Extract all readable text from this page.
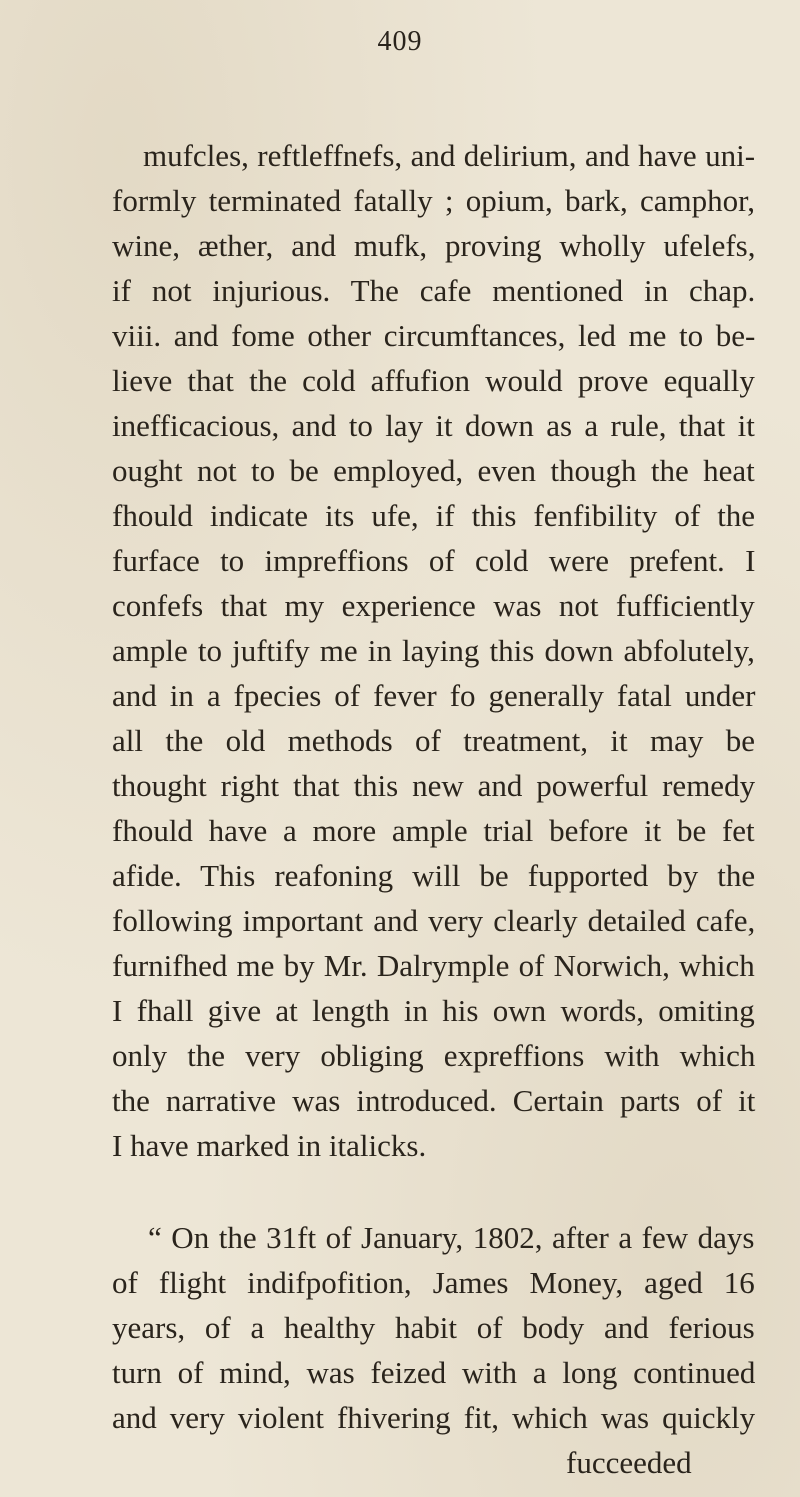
409
mufcles, reftleffnefs, and delirium, and have uni-
formly terminated fatally ; opium, bark, camphor,
wine, æther, and mufk, proving wholly ufelefs,
if not injurious. The cafe mentioned in chap.
viii. and fome other circumftances, led me to be-
lieve that the cold affufion would prove equally
inefficacious, and to lay it down as a rule, that it
ought not to be employed, even though the heat
fhould indicate its ufe, if this fenfibility of the
furface to impreffions of cold were prefent. I
confefs that my experience was not fufficiently
ample to juftify me in laying this down abfolutely,
and in a fpecies of fever fo generally fatal under
all the old methods of treatment, it may be
thought right that this new and powerful remedy
fhould have a more ample trial before it be fet
afide. This reafoning will be fupported by the
following important and very clearly detailed cafe,
furnifhed me by Mr. Dalrymple of Norwich, which
I fhall give at length in his own words, omiting
only the very obliging expreffions with which
the narrative was introduced. Certain parts of it
I have marked in italicks.
“ On the 31ft of January, 1802, after a few days
of flight indifpofition, James Money, aged 16
years, of a healthy habit of body and ferious
turn of mind, was feized with a long continued
and very violent fhivering fit, which was quickly
fucceeded
